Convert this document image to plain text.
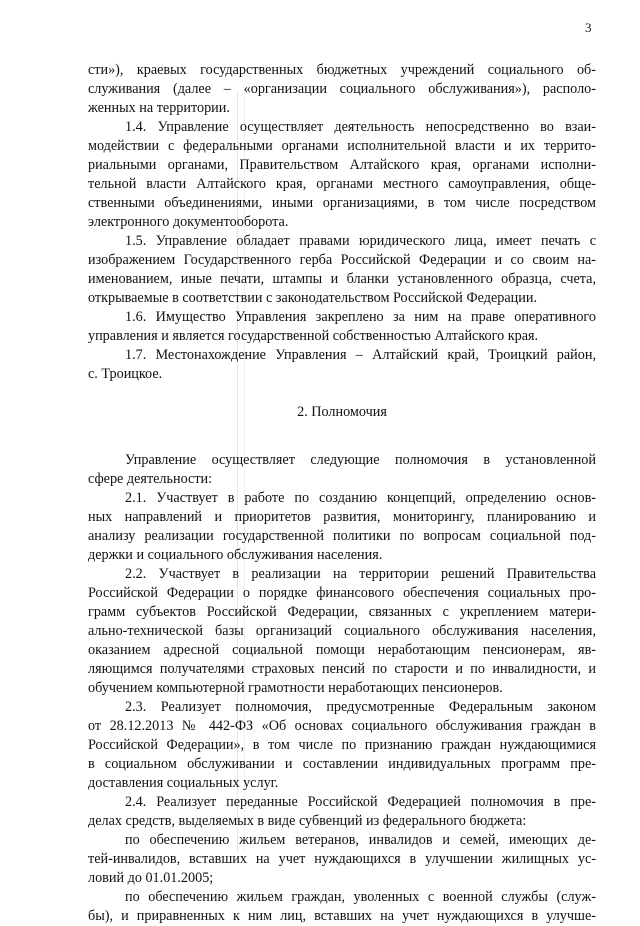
3
сти»), краевых государственных бюджетных учреждений социального об-
служивания (далее – «организации социального обслуживания»), располо-
женных на территории.
1.4. Управление осуществляет деятельность непосредственно во взаи-
модействии с федеральными органами исполнительной власти и их террито-
риальными органами, Правительством Алтайского края, органами исполни-
тельной власти Алтайского края, органами местного самоуправления, обще-
ственными объединениями, иными организациями, в том числе посредством
электронного документооборота.
1.5. Управление обладает правами юридического лица, имеет печать с
изображением Государственного герба Российской Федерации и со своим на-
именованием, иные печати, штампы и бланки установленного образца, счета,
открываемые в соответствии с законодательством Российской Федерации.
1.6. Имущество Управления закреплено за ним на праве оперативного
управления и является государственной собственностью Алтайского края.
1.7. Местонахождение Управления – Алтайский край, Троицкий район,
с. Троицкое.
2. Полномочия
Управление осуществляет следующие полномочия в установленной
сфере деятельности:
2.1. Участвует в работе по созданию концепций, определению основ-
ных направлений и приоритетов развития, мониторингу, планированию и
анализу реализации государственной политики по вопросам социальной под-
держки и социального обслуживания населения.
2.2. Участвует в реализации на территории решений Правительства
Российской Федерации о порядке финансового обеспечения социальных про-
грамм субъектов Российской Федерации, связанных с укреплением матери-
ально-технической базы организаций социального обслуживания населения,
оказанием адресной социальной помощи неработающим пенсионерам, яв-
ляющимся получателями страховых пенсий по старости и по инвалидности, и
обучением компьютерной грамотности неработающих пенсионеров.
2.3. Реализует полномочия, предусмотренные Федеральным законом
от 28.12.2013 № 442-ФЗ «Об основах социального обслуживания граждан в
Российской Федерации», в том числе по признанию граждан нуждающимися
в социальном обслуживании и составлении индивидуальных программ пре-
доставления социальных услуг.
2.4. Реализует переданные Российской Федерацией полномочия в пре-
делах средств, выделяемых в виде субвенций из федерального бюджета:
по обеспечению жильем ветеранов, инвалидов и семей, имеющих де-
тей-инвалидов, вставших на учет нуждающихся в улучшении жилищных ус-
ловий до 01.01.2005;
по обеспечению жильем граждан, уволенных с военной службы (служ-
бы), и приравненных к ним лиц, вставших на учет нуждающихся в улучше-
